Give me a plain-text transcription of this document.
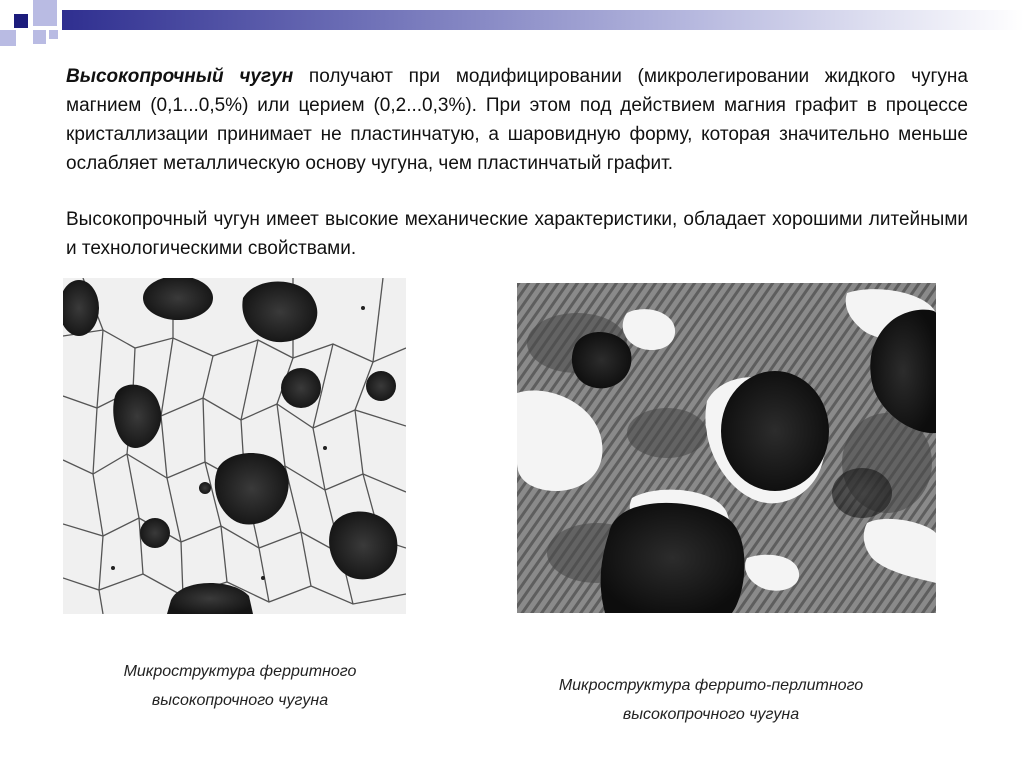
Высокопрочный чугун получают при модифицировании (микролегировании жидкого чугуна магнием (0,1...0,5%) или церием (0,2...0,3%). При этом под действием магния графит в процессе кристаллизации принимает не пластинчатую, а шаровидную форму, которая значительно меньше ослабляет металлическую основу чугуна, чем пластинчатый графит.

Высокопрочный чугун имеет высокие механические характеристики, обладает хорошими литейными и технологическими свойствами.

Микроструктура ферритного
высокопрочного чугуна
Микроструктура феррито-перлитного
высокопрочного чугуна
